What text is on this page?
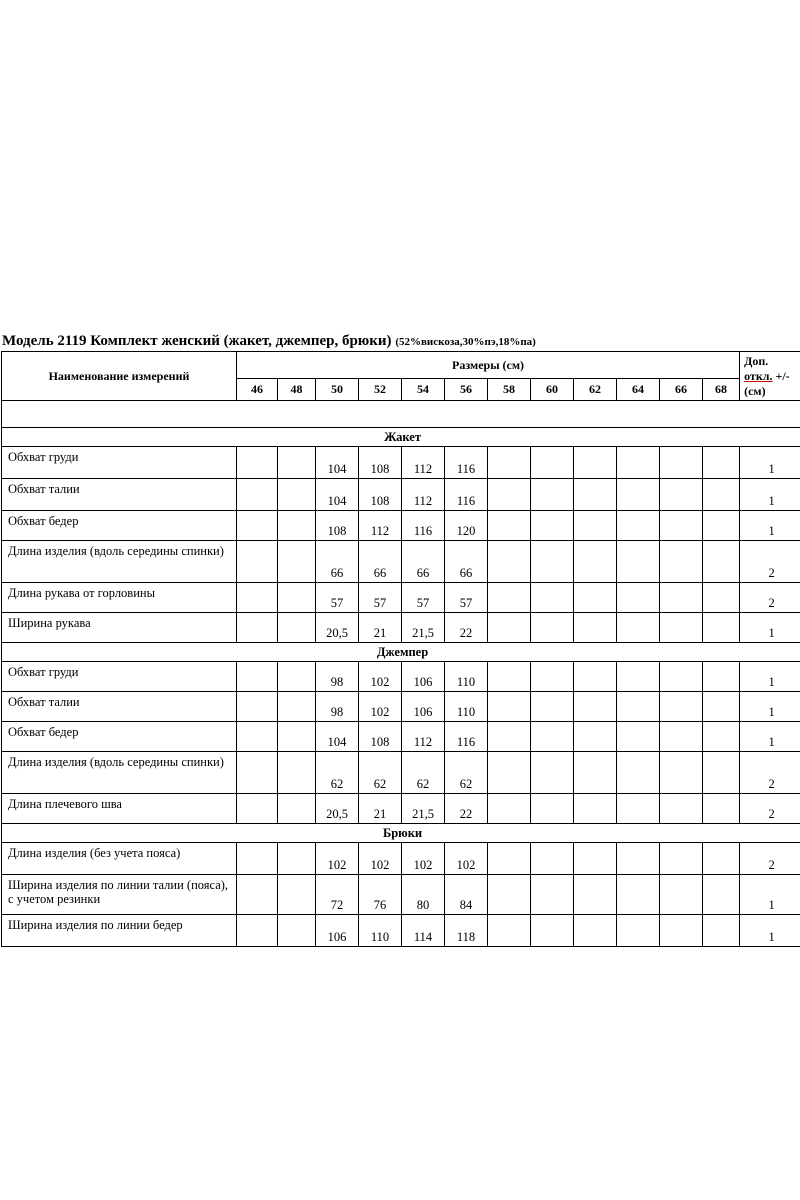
Модель 2119 Комплект женский (жакет, джемпер, брюки) (52%вискоза,30%пэ,18%па)
Наименование измерений	Размеры (см)												Доп.
откл. +/-
(см)
	46	48	50	52	54	56	58	60	62	64	66	68	

Жакет													
Обхват груди			104	108	112	116							1
Обхват талии			104	108	112	116							1
Обхват бедер			108	112	116	120							1
Длина изделия (вдоль середины спинки)			66	66	66	66							2
Длина рукава от горловины			57	57	57	57							2
Ширина рукава			20,5	21	21,5	22							1
Джемпер													
Обхват груди			98	102	106	110							1
Обхват талии			98	102	106	110							1
Обхват бедер			104	108	112	116							1
Длина изделия (вдоль середины спинки)			62	62	62	62							2
Длина плечевого шва			20,5	21	21,5	22							2
Брюки													
Длина изделия (без учета пояса)			102	102	102	102							2
Ширина изделия по линии талии (пояса), с учетом резинки			72	76	80	84							1
Ширина изделия по линии бедер			106	110	114	118							1
